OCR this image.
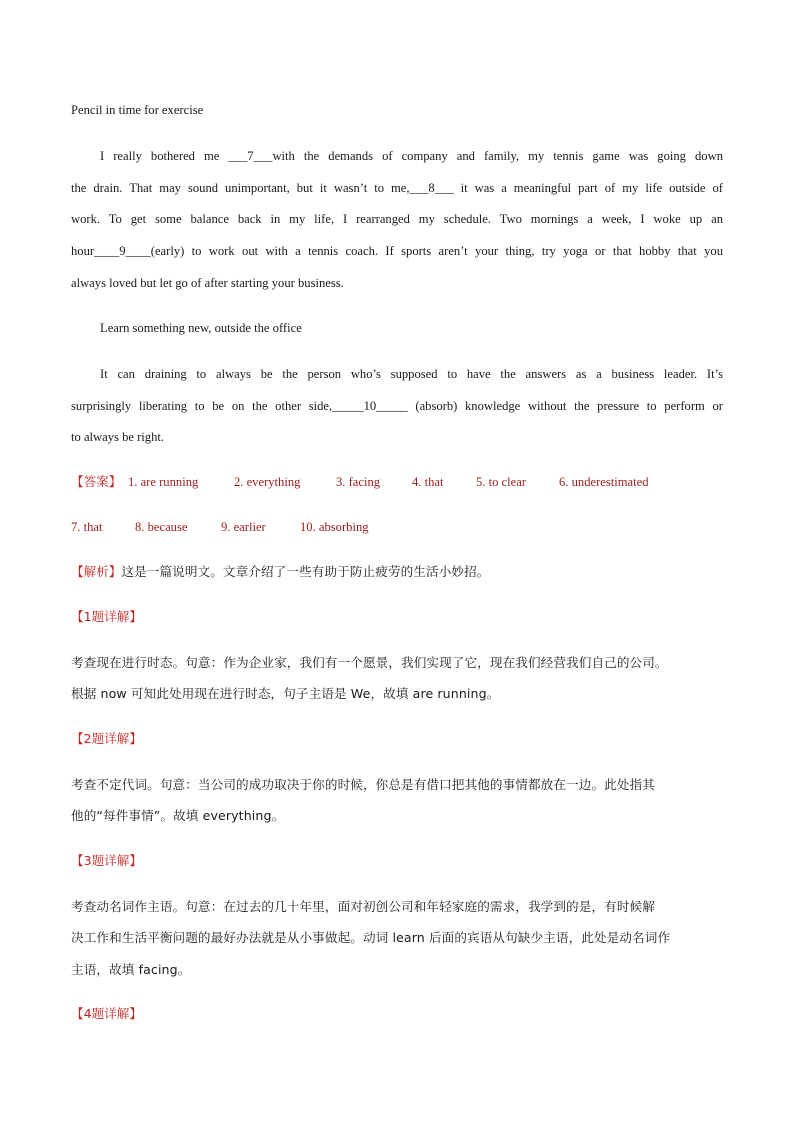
Pencil in time for exercise
I really bothered me ___7___with the demands of company and family, my tennis game was going down
the drain. That may sound unimportant, but it wasn’t to me,___8___ it was a meaningful part of my life outside of
work. To get some balance back in my life, I rearranged my schedule. Two mornings a week, I woke up an
hour____9____(early) to work out with a tennis coach. If sports aren’t your thing, try yoga or that hobby that you
always loved but let go of after starting your business.
Learn something new, outside the office
It can draining to always be the person who’s supposed to have the answers as a business leader. It’s
surprisingly liberating to be on the other side,_____10_____ (absorb) knowledge without the pressure to perform or
to always be right.
【答案】 1. are running	2. everything	3. facing	4. that	5. to clear	6. underestimated
7. that	8. because	9. earlier	10. absorbing
【解析】这是一篇说明文。文章介绍了一些有助于防止疲劳的生活小妙招。
【1题详解】
考查现在进行时态。句意：作为企业家，我们有一个愿景，我们实现了它，现在我们经营我们自己的公司。
根据 now 可知此处用现在进行时态，句子主语是 We，故填 are running。
【2题详解】
考查不定代词。句意：当公司的成功取决于你的时候，你总是有借口把其他的事情都放在一边。此处指其
他的“每件事情”。故填 everything。
【3题详解】
考查动名词作主语。句意：在过去的几十年里，面对初创公司和年轻家庭的需求，我学到的是，有时候解
决工作和生活平衡问题的最好办法就是从小事做起。动词 learn 后面的宾语从句缺少主语，此处是动名词作
主语，故填 facing。
【4题详解】
